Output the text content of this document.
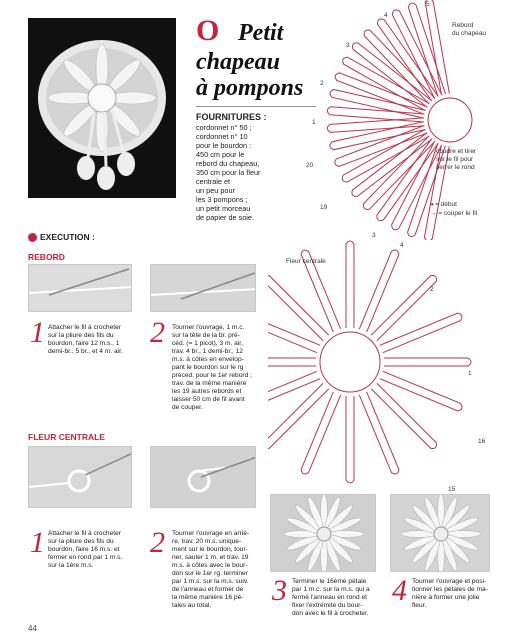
O Petit
chapeau
à pompons
FOURNITURES :
cordonnet n° 50 ;
cordonnet n° 10
pour le bourdon :
450 cm pour le
rebord du chapeau,
350 cm pour la fleur
centrale et
un peu pour
les 3 pompons ;
un petit morceau
de papier de soie.
Rebord
du chapeau
coudre et tirer
sur le fil pour
serrer le rond
◂ = début
→ = couper le fil
1
2
3
4
5
19
20
Fleur centrale
1
2
3
4
15
16
EXECUTION :
REBORD
1 Attacher le fil à crocheter
sur la pliure des fils du
bourdon, faire 12 m.s., 1
demi-br., 5 br., et 4 m. air.
2 Tourner l'ouvrage, 1 m.c.
sur la tête de la br. pré-
céd. (= 1 picot), 3 m. air,
trav. 4 br., 1 demi-br., 12
m.s. à côtes en envelop-
pant le bourdon sur le rg
préced. pour le 1er rebord ;
trav. de la même manière
les 19 autres rebords et
laisser 50 cm de fil avant
de couper.
FLEUR CENTRALE
1 Attacher le fil à crocheter
sur la pliure des fils du
bourdon, faire 16 m.s. et
fermer en rond par 1 m.s.
sur la 1ère m.s.
2 Tourner l'ouvrage en arriè-
re, trav. 20 m.s. unique-
ment sur le bourdon, tour-
ner, sauter 1 m. et trav. 19
m.s. à côtes avec le bour-
don sur le 1er rg. terminer
par 1 m.s. sur la m.s. suiv.
de l'anneau et former de
la même manière 16 pé-
tales au total.	3 Terminer le 16ème pétale
par 1 m.c. sur la m.s. qui a
fermé l'anneau en rond et
fixer l'extrémité du bour-
don avec le fil à crocheter.
4 Tourner l'ouvrage et posi-
tionner les pétales de ma-
nière à former une jolie
fleur.
44
